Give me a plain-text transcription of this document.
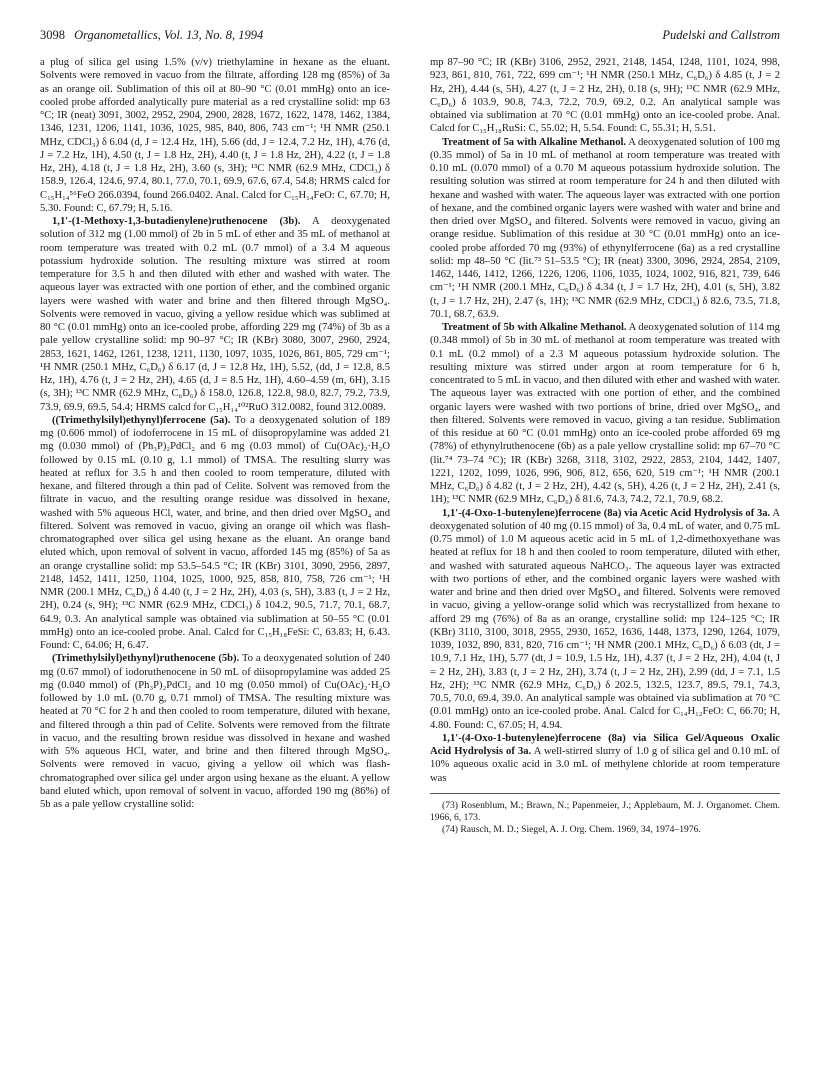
3098 Organometallics, Vol. 13, No. 8, 1994	Pudelski and Callstrom

a plug of silica gel using 1.5% (v/v) triethylamine in hexane as the eluant. Solvents were removed in vacuo from the filtrate, affording 128 mg (85%) of 3a as an orange oil. Sublimation of this oil at 80–90 °C (0.01 mmHg) onto an ice-cooled probe afforded analytically pure material as a red crystalline solid: mp 63 °C; IR (neat) 3091, 3002, 2952, 2904, 2900, 2828, 1672, 1622, 1478, 1462, 1384, 1346, 1231, 1206, 1141, 1036, 1025, 985, 840, 806, 743 cm⁻¹; ¹H NMR (250.1 MHz, CDCl₃) δ 6.04 (d, J = 12.4 Hz, 1H), 5.66 (dd, J = 12.4, 7.2 Hz, 1H), 4.76 (d, J = 7.2 Hz, 1H), 4.50 (t, J = 1.8 Hz, 2H), 4.40 (t, J = 1.8 Hz, 2H), 4.22 (t, J = 1.8 Hz, 2H), 4.18 (t, J = 1.8 Hz, 2H), 3.60 (s, 3H); ¹³C NMR (62.9 MHz, CDCl₃) δ 158.9, 126.4, 124.6, 97.4, 80.1, 77.0, 70.1, 69.9, 67.6, 67.4, 54.8; HRMS calcd for C₁₅H₁₄⁵⁶FeO 266.0394, found 266.0402. Anal. Calcd for C₁₅H₁₄FeO: C, 67.70; H, 5.30. Found: C, 67.79; H, 5.16.

1,1′-(1-Methoxy-1,3-butadienylene)ruthenocene (3b). A deoxygenated solution of 312 mg (1.00 mmol) of 2b in 5 mL of ether and 35 mL of methanol at room temperature was treated with 0.2 mL (0.7 mmol) of a 3.4 M aqueous potassium hydroxide solution. The resulting mixture was stirred at room temperature for 3.5 h and then diluted with ether and washed with water. The aqueous layer was extracted with one portion of ether, and the combined organic layers were washed with water and brine and then filtered through MgSO₄. Solvents were removed in vacuo, giving a yellow residue which was sublimed at 80 °C (0.01 mmHg) onto an ice-cooled probe, affording 229 mg (74%) of 3b as a pale yellow crystalline solid: mp 90–97 °C; IR (KBr) 3080, 3007, 2960, 2924, 2853, 1621, 1462, 1261, 1238, 1211, 1130, 1097, 1035, 1026, 861, 805, 729 cm⁻¹; ¹H NMR (250.1 MHz, C₆D₆) δ 6.17 (d, J = 12.8 Hz, 1H), 5.52, (dd, J = 12.8, 8.5 Hz, 1H), 4.76 (t, J = 2 Hz, 2H), 4.65 (d, J = 8.5 Hz, 1H), 4.60–4.59 (m, 6H), 3.15 (s, 3H); ¹³C NMR (62.9 MHz, C₆D₆) δ 158.0, 126.8, 122.8, 98.0, 82.7, 79.2, 73.9, 73.9, 69.9, 69.5, 54.4; HRMS calcd for C₁₅H₁₄¹⁰²RuO 312.0082, found 312.0089.

((Trimethylsilyl)ethynyl)ferrocene (5a). To a deoxygenated solution of 189 mg (0.606 mmol) of iodoferrocene in 15 mL of diisopropylamine was added 21 mg (0.030 mmol) of (Ph₃P)₂PdCl₂ and 6 mg (0.03 mmol) of Cu(OAc)₂·H₂O followed by 0.15 mL (0.10 g, 1.1 mmol) of TMSA. The resulting slurry was heated at reflux for 3.5 h and then cooled to room temperature, diluted with hexane, and filtered through a thin pad of Celite. Solvent was removed from the filtrate in vacuo, and the resulting orange residue was dissolved in hexane, washed with 5% aqueous HCl, water, and brine, and then dried over MgSO₄ and filtered. Solvent was removed in vacuo, giving an orange oil which was flash-chromatographed over silica gel using hexane as the eluant. An orange band eluted which, upon removal of solvent in vacuo, afforded 145 mg (85%) of 5a as an orange crystalline solid: mp 53.5–54.5 °C; IR (KBr) 3101, 3090, 2956, 2897, 2148, 1452, 1411, 1250, 1104, 1025, 1000, 925, 858, 810, 758, 726 cm⁻¹; ¹H NMR (200.1 MHz, C₆D₆) δ 4.40 (t, J = 2 Hz, 2H), 4.03 (s, 5H), 3.83 (t, J = 2 Hz, 2H), 0.24 (s, 9H); ¹³C NMR (62.9 MHz, CDCl₃) δ 104.2, 90.5, 71.7, 70.1, 68.7, 64.9, 0.3. An analytical sample was obtained via sublimation at 50–55 °C (0.01 mmHg) onto an ice-cooled probe. Anal. Calcd for C₁₅H₁₈FeSi: C, 63.83; H, 6.43. Found: C, 64.06; H, 6.47.

(Trimethylsilyl)ethynyl)ruthenocene (5b). To a deoxygenated solution of 240 mg (0.67 mmol) of iodoruthenocene in 50 mL of diisopropylamine was added 25 mg (0.040 mmol) of (Ph₃P)₂PdCl₂ and 10 mg (0.050 mmol) of Cu(OAc)₂·H₂O followed by 1.0 mL (0.70 g, 0.71 mmol) of TMSA. The resulting mixture was heated at 70 °C for 2 h and then cooled to room temperature, diluted with hexane, and filtered through a thin pad of Celite. Solvents were removed from the filtrate in vacuo, and the resulting brown residue was dissolved in hexane and washed with 5% aqueous HCl, water, and brine and then filtered through MgSO₄. Solvents were removed in vacuo, giving a yellow oil which was flash-chromatographed over silica gel under argon using hexane as the eluant. A yellow band eluted which, upon removal of solvent in vacuo, afforded 190 mg (86%) of 5b as a pale yellow crystalline solid:

mp 87–90 °C; IR (KBr) 3106, 2952, 2921, 2148, 1454, 1248, 1101, 1024, 998, 923, 861, 810, 761, 722, 699 cm⁻¹; ¹H NMR (250.1 MHz, C₆D₆) δ 4.85 (t, J = 2 Hz, 2H), 4.44 (s, 5H), 4.27 (t, J = 2 Hz, 2H), 0.18 (s, 9H); ¹³C NMR (62.9 MHz, C₆D₆) δ 103.9, 90.8, 74.3, 72.2, 70.9, 69.2, 0.2. An analytical sample was obtained via sublimation at 70 °C (0.01 mmHg) onto an ice-cooled probe. Anal. Calcd for C₁₅H₁₈RuSi: C, 55.02; H, 5.54. Found: C, 55.31; H, 5.51.

Treatment of 5a with Alkaline Methanol. A deoxygenated solution of 100 mg (0.35 mmol) of 5a in 10 mL of methanol at room temperature was treated with 0.10 mL (0.070 mmol) of a 0.70 M aqueous potassium hydroxide solution. The resulting solution was stirred at room temperature for 24 h and then diluted with hexane and washed with water. The aqueous layer was extracted with one portion of hexane, and the combined organic layers were washed with water and brine and then dried over MgSO₄ and filtered. Solvents were removed in vacuo, giving an orange residue. Sublimation of this residue at 30 °C (0.01 mmHg) onto an ice-cooled probe afforded 70 mg (93%) of ethynylferrocene (6a) as a red crystalline solid: mp 48–50 °C (lit.⁷³ 51–53.5 °C); IR (neat) 3300, 3096, 2924, 2854, 2109, 1462, 1446, 1412, 1266, 1226, 1206, 1106, 1035, 1024, 1002, 916, 821, 739, 646 cm⁻¹; ¹H NMR (200.1 MHz, C₆D₆) δ 4.34 (t, J = 1.7 Hz, 2H), 4.01 (s, 5H), 3.82 (t, J = 1.7 Hz, 2H), 2.47 (s, 1H); ¹³C NMR (62.9 MHz, CDCl₃) δ 82.6, 73.5, 71.8, 70.1, 68.7, 63.9.

Treatment of 5b with Alkaline Methanol. A deoxygenated solution of 114 mg (0.348 mmol) of 5b in 30 mL of methanol at room temperature was treated with 0.1 mL (0.2 mmol) of a 2.3 M aqueous potassium hydroxide solution. The resulting mixture was stirred under argon at room temperature for 6 h, concentrated to 5 mL in vacuo, and then diluted with ether and washed with water. The aqueous layer was extracted with one portion of ether, and the combined organic layers were washed with two portions of brine, dried over MgSO₄, and then filtered. Solvents were removed in vacuo, giving a tan residue. Sublimation of this residue at 60 °C (0.01 mmHg) onto an ice-cooled probe afforded 69 mg (78%) of ethynylruthenocene (6b) as a pale yellow crystalline solid: mp 67–70 °C (lit.⁷⁴ 73–74 °C); IR (KBr) 3268, 3118, 3102, 2922, 2853, 2104, 1442, 1407, 1221, 1202, 1099, 1026, 996, 906, 812, 656, 620, 519 cm⁻¹; ¹H NMR (200.1 MHz, C₆D₆) δ 4.82 (t, J = 2 Hz, 2H), 4.42 (s, 5H), 4.26 (t, J = 2 Hz, 2H), 2.41 (s, 1H); ¹³C NMR (62.9 MHz, C₆D₆) δ 81.6, 74.3, 74.2, 72.1, 70.9, 68.2.

1,1′-(4-Oxo-1-butenylene)ferrocene (8a) via Acetic Acid Hydrolysis of 3a. A deoxygenated solution of 40 mg (0.15 mmol) of 3a, 0.4 mL of water, and 0.75 mL (0.75 mmol) of 1.0 M aqueous acetic acid in 5 mL of 1,2-dimethoxyethane was heated at reflux for 18 h and then cooled to room temperature, diluted with ether, and washed with saturated aqueous NaHCO₃. The aqueous layer was extracted with two portions of ether, and the combined organic layers were washed with water and brine and then dried over MgSO₄ and filtered. Solvents were removed in vacuo, giving a yellow-orange solid which was recrystallized from hexane to afford 29 mg (76%) of 8a as an orange, crystalline solid: mp 124–125 °C; IR (KBr) 3110, 3100, 3018, 2955, 2930, 1652, 1636, 1448, 1373, 1290, 1264, 1079, 1039, 1032, 890, 831, 820, 716 cm⁻¹; ¹H NMR (200.1 MHz, C₆D₆) δ 6.03 (dt, J = 10.9, 7.1 Hz, 1H), 5.77 (dt, J = 10.9, 1.5 Hz, 1H), 4.37 (t, J = 2 Hz, 2H), 4.04 (t, J = 2 Hz, 2H), 3.83 (t, J = 2 Hz, 2H), 3.74 (t, J = 2 Hz, 2H), 2.99 (dd, J = 7.1, 1.5 Hz, 2H); ¹³C NMR (62.9 MHz, C₆D₆) δ 202.5, 132.5, 123.7, 89.5, 79.1, 74.3, 70.5, 70.0, 69.4, 39.0. An analytical sample was obtained via sublimation at 70 °C (0.01 mmHg) onto an ice-cooled probe. Anal. Calcd for C₁₄H₁₂FeO: C, 66.70; H, 4.80. Found: C, 67.05; H, 4.94.

1,1′-(4-Oxo-1-butenylene)ferrocene (8a) via Silica Gel/Aqueous Oxalic Acid Hydrolysis of 3a. A well-stirred slurry of 1.0 g of silica gel and 0.10 mL of 10% aqueous oxalic acid in 3.0 mL of methylene chloride at room temperature was

(73) Rosenblum, M.; Brawn, N.; Papenmeier, J.; Applebaum, M. J. Organomet. Chem. 1966, 6, 173.
(74) Rausch, M. D.; Siegel, A. J. Org. Chem. 1969, 34, 1974–1976.
